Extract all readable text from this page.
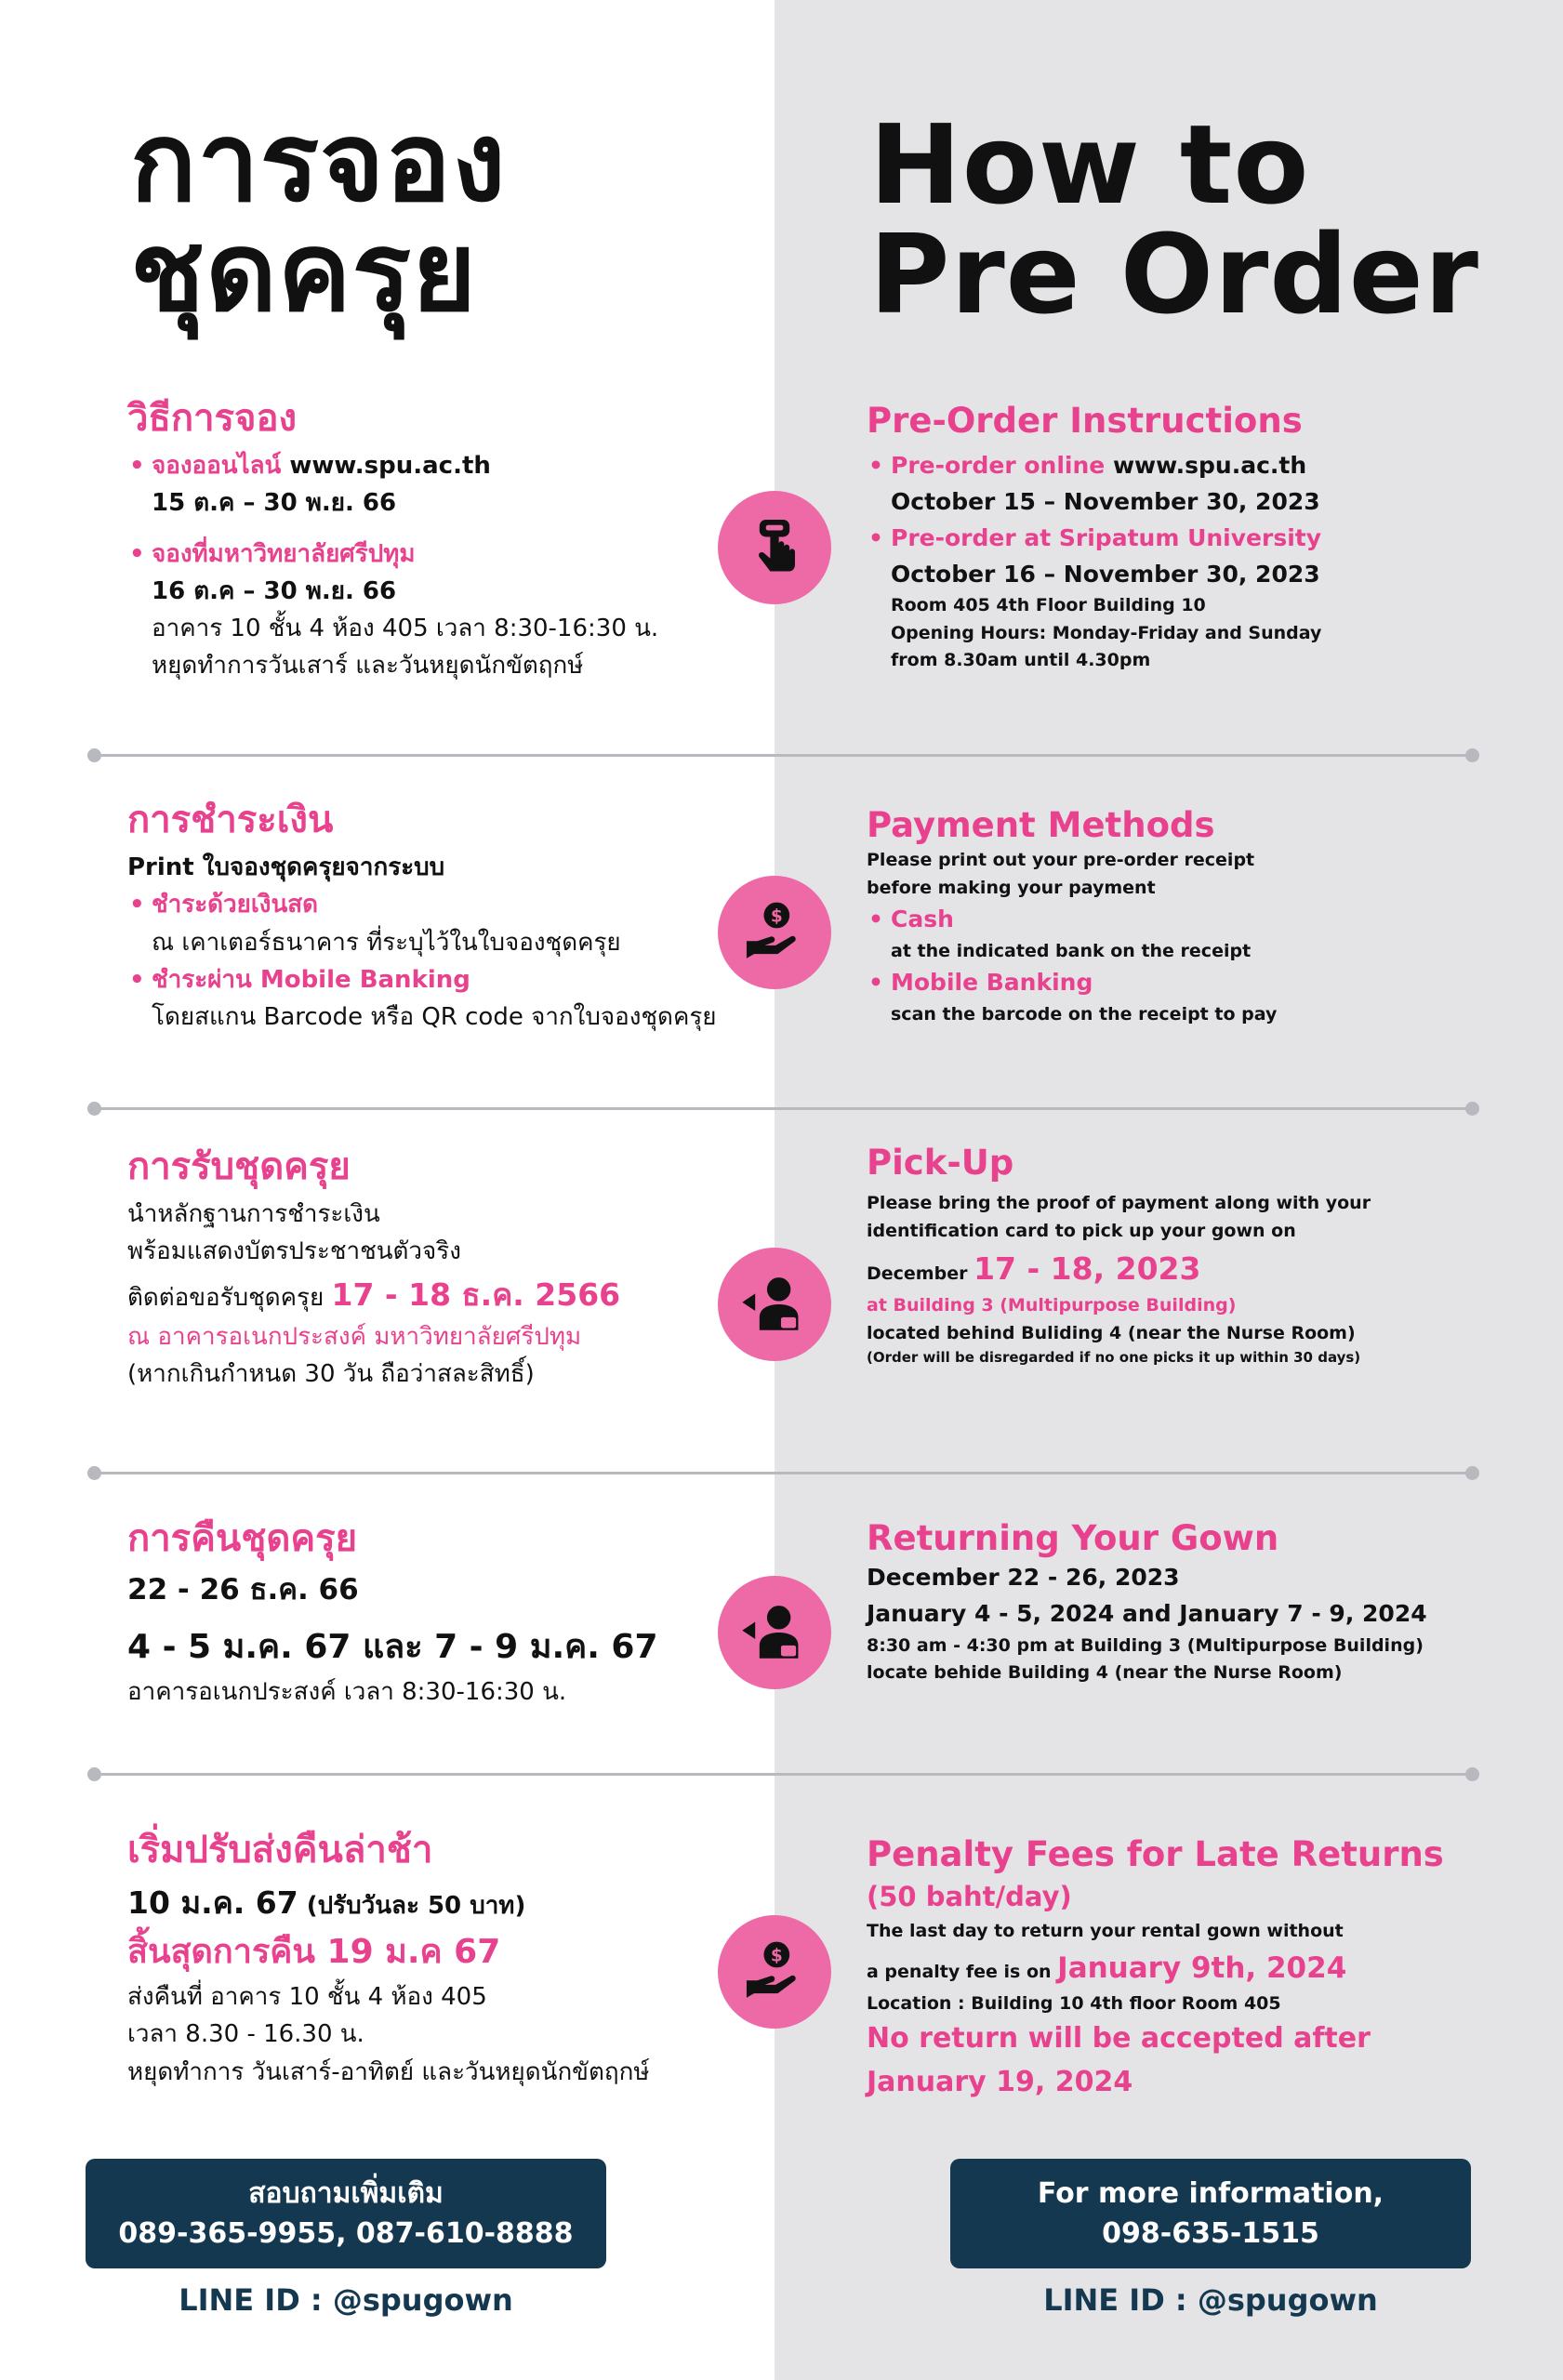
การจอง
ชุดครุย
How to
Pre Order
วิธีการจอง
• จองออนไลน์ www.spu.ac.th
15 ต.ค – 30 พ.ย. 66
• จองที่มหาวิทยาลัยศรีปทุม
16 ต.ค – 30 พ.ย. 66
อาคาร 10 ชั้น 4 ห้อง 405 เวลา 8:30-16:30 น.
หยุดทำการวันเสาร์ และวันหยุดนักขัตฤกษ์
Pre-Order Instructions
• Pre-order online www.spu.ac.th
October 15 – November 30, 2023
• Pre-order at Sripatum University
October 16 – November 30, 2023
Room 405 4th Floor Building 10
Opening Hours: Monday-Friday and Sunday
from 8.30am until 4.30pm
การชำระเงิน
Print ใบจองชุดครุยจากระบบ
• ชำระด้วยเงินสด
ณ เคาเตอร์ธนาคาร ที่ระบุไว้ในใบจองชุดครุย
• ชำระผ่าน Mobile Banking
โดยสแกน Barcode หรือ QR code จากใบจองชุดครุย
Payment Methods
Please print out your pre-order receipt
before making your payment
• Cash
at the indicated bank on the receipt
• Mobile Banking
scan the barcode on the receipt to pay
$
การรับชุดครุย
นำหลักฐานการชำระเงิน
พร้อมแสดงบัตรประชาชนตัวจริง
ติดต่อขอรับชุดครุย 17 - 18 ธ.ค. 2566
ณ อาคารอเนกประสงค์ มหาวิทยาลัยศรีปทุม
(หากเกินกำหนด 30 วัน ถือว่าสละสิทธิ์)
Pick-Up
Please bring the proof of payment along with your
identification card to pick up your gown on
December 17 - 18, 2023
at Building 3 (Multipurpose Building)
located behind Buliding 4 (near the Nurse Room)
(Order will be disregarded if no one picks it up within 30 days)
การคืนชุดครุย
22 - 26 ธ.ค. 66
4 - 5 ม.ค. 67 และ 7 - 9 ม.ค. 67
อาคารอเนกประสงค์ เวลา 8:30-16:30 น.
Returning Your Gown
December 22 - 26, 2023
January 4 - 5, 2024 and January 7 - 9, 2024
8:30 am - 4:30 pm at Building 3 (Multipurpose Building)
locate behide Building 4 (near the Nurse Room)
เริ่มปรับส่งคืนล่าช้า
10 ม.ค. 67 (ปรับวันละ 50 บาท)
สิ้นสุดการคืน 19 ม.ค 67
ส่งคืนที่ อาคาร 10 ชั้น 4 ห้อง 405
เวลา 8.30 - 16.30 น.
หยุดทำการ วันเสาร์-อาทิตย์ และวันหยุดนักขัตฤกษ์
Penalty Fees for Late Returns
(50 baht/day)
The last day to return your rental gown without
a penalty fee is on January 9th, 2024
Location : Building 10 4th floor Room 405
No return will be accepted after
January 19, 2024
$
สอบถามเพิ่มเติม
089-365-9955, 087-610-8888
For more information,
098-635-1515
LINE ID : @spugown	LINE ID : @spugown
